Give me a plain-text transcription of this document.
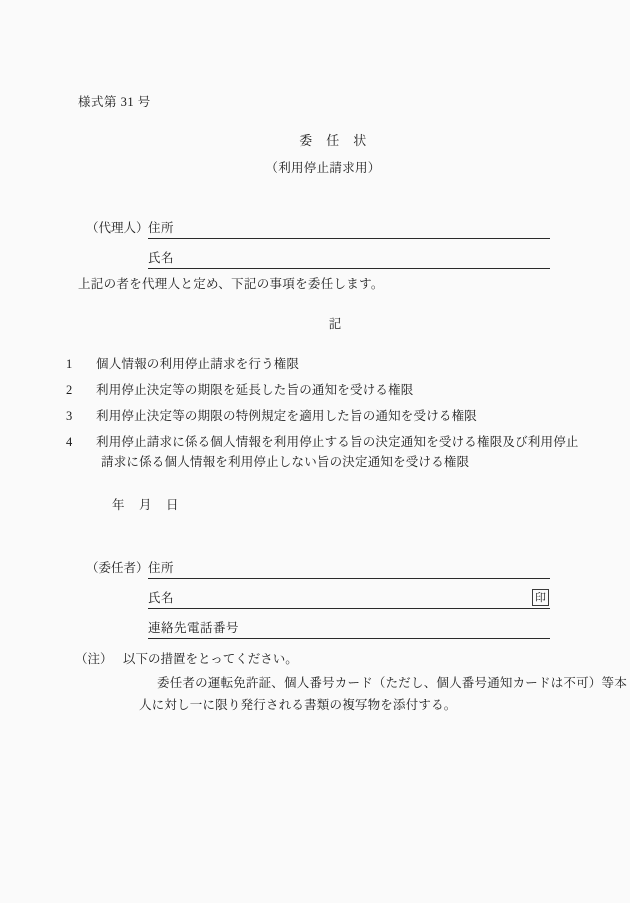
様式第 31 号
委　任　状
（利用停止請求用）
（代理人） 住所
氏名
上記の者を代理人と定め、下記の事項を委任します。
記
1	個人情報の利用停止請求を行う権限
2	利用停止決定等の期限を延長した旨の通知を受ける権限
3	利用停止決定等の期限の特例規定を適用した旨の通知を受ける権限
4	利用停止請求に係る個人情報を利用停止する旨の決定通知を受ける権限及び利用停止
請求に係る個人情報を利用停止しない旨の決定通知を受ける権限
年　月　日
（委任者） 住所
氏名	印
連絡先電話番号
（注） 以下の措置をとってください。
委任者の運転免許証、個人番号カード（ただし、個人番号通知カードは不可）等本
人に対し一に限り発行される書類の複写物を添付する。
